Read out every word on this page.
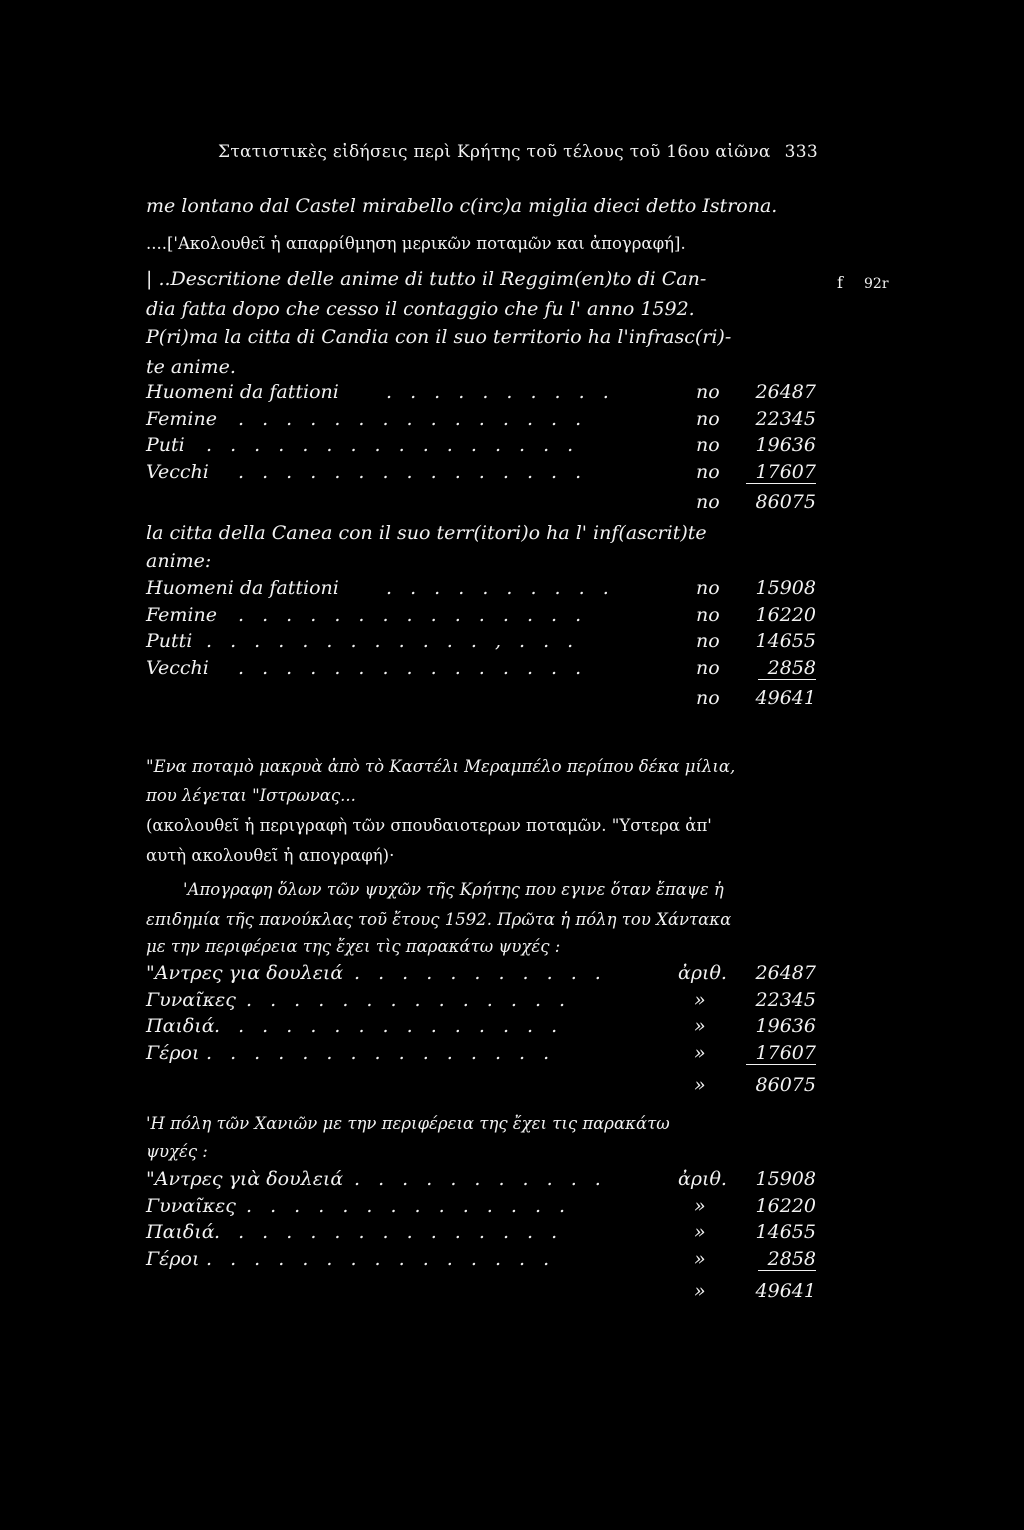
Στατιστικὲς εἰδήσεις περὶ Κρήτης τοῦ τέλους τοῦ 16ου αἰῶνα 333
f 92r
me lontano dal Castel mirabello c(irc)a miglia dieci detto Istrona.
....['Ακολουθεῖ ἡ απαρρίθμηση μερικῶν ποταμῶν και ἀπογραφή].
| ..Descritione delle anime di tutto il Reggim(en)to di Can-
dia fatta dopo che cesso il contaggio che fu l' anno 1592.
P(ri)ma la citta di Candia con il suo territorio ha l'infrasc(ri)-
te anime.
Huomeni da fattioni . . . . . . . . . .	no 26487
Femine . . . . . . . . . . . . . . .	no 22345
Puti . . . . . . . . . . . . . . . .	no 19636
Vecchi . . . . . . . . . . . . . . .	no	17607
no 86075
la citta della Canea con il suo terr(itori)o ha l' inf(ascrit)te
anime:
Huomeni da fattioni . . . . . . . . . .	no 15908
Femine . . . . . . . . . . . . . . .	no 16220
Putti . . . . . . . . . . . . , . . .	no 14655
Vecchi . . . . . . . . . . . . . . .	no	2858
no 49641
"Ενα ποταμὸ μακρυὰ ἀπὸ τὸ Καστέλι Μεραμπέλο περίπου δέκα μίλια,
που λέγεται "Ιστρωνας...
(ακολουθεῖ ἡ περιγραφὴ τῶν σπουδαιοτερων ποταμῶν. "Υστερα ἀπ'
αυτὴ ακολουθεῖ ἡ απογραφή)·
'Απογραφη ὅλων τῶν ψυχῶν τῆς Κρήτης που εγινε ὅταν ἔπαψε ἡ
επιδημία τῆς πανούκλας τοῦ ἔτους 1592. Πρῶτα ἡ πόλη του Χάντακα
με την περιφέρεια της ἔχει τὶς παρακάτω ψυχές :
"Αντρες για δουλειά . . . . . . . . . . .	ἀριθ. 26487
Γυναῖκες . . . . . . . . . . . . . .	»	22345
Παιδιά . . . . . . . . . . . . . . .	»	19636
Γέροι . . . . . . . . . . . . . . .	»	17607
»	86075
'Η πόλη τῶν Χανιῶν με την περιφέρεια της ἔχει τις παρακάτω
ψυχές :
"Αντρες γιὰ δουλειά . . . . . . . . . . .	ἀριθ. 15908
Γυναῖκες . . . . . . . . . . . . . .	»	16220
Παιδιά . . . . . . . . . . . . . . .	»	14655
Γέροι . . . . . . . . . . . . . . .	»	2858
»	49641
